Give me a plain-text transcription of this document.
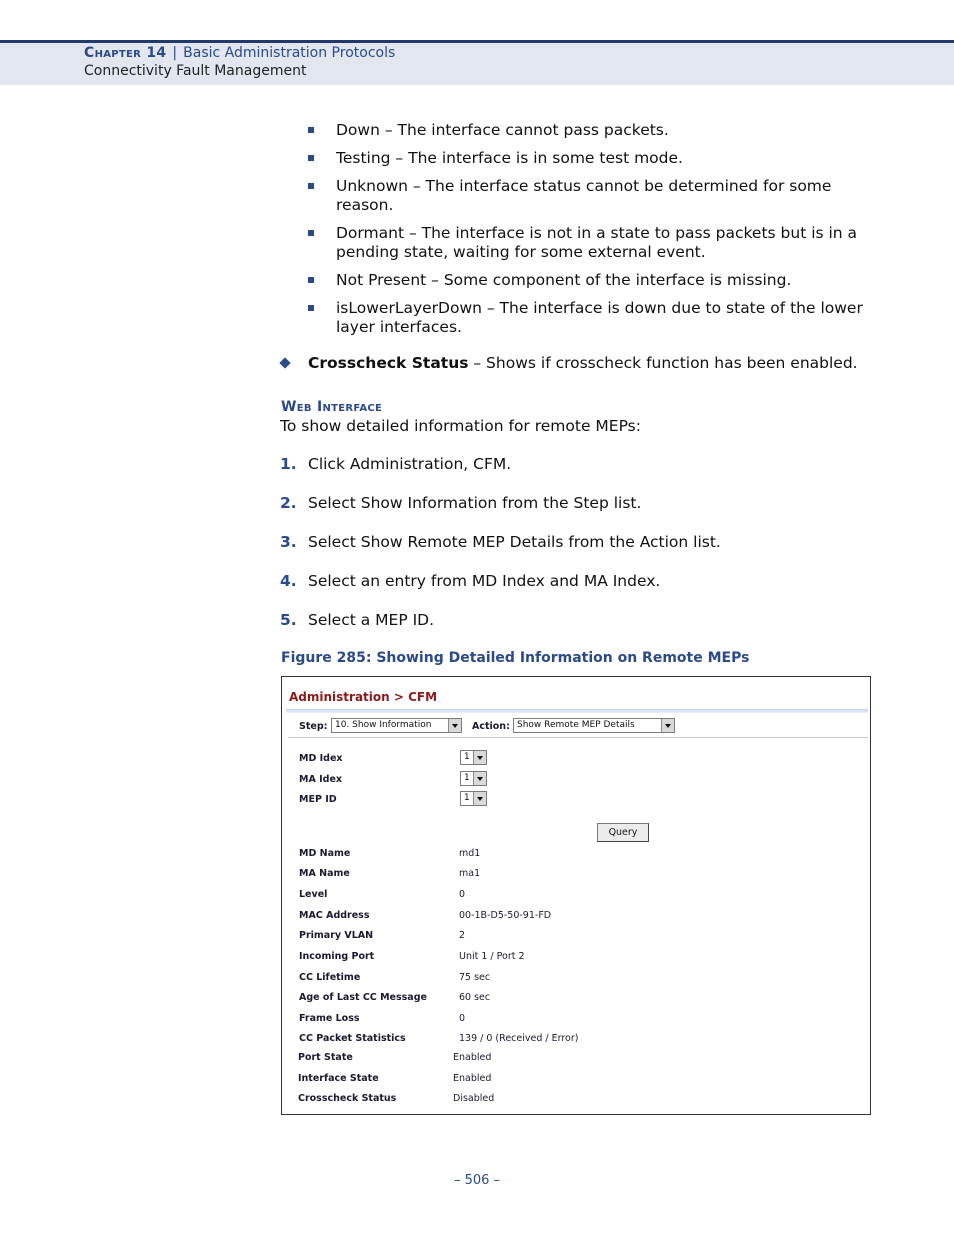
Chapter 14 | Basic Administration Protocols
Connectivity Fault Management
Down – The interface cannot pass packets.
Testing – The interface is in some test mode.
Unknown – The interface status cannot be determined for some reason.
Dormant – The interface is not in a state to pass packets but is in a pending state, waiting for some external event.
Not Present – Some component of the interface is missing.
isLowerLayerDown – The interface is down due to state of the lower layer interfaces.
Crosscheck Status – Shows if crosscheck function has been enabled.
Web Interface
To show detailed information for remote MEPs:
1. Click Administration, CFM.
2. Select Show Information from the Step list.
3. Select Show Remote MEP Details from the Action list.
4. Select an entry from MD Index and MA Index.
5. Select a MEP ID.
Figure 285: Showing Detailed Information on Remote MEPs
Administration > CFM
Step: 10. Show Information	Action: Show Remote MEP Details
MD Idex	1
MA Idex	1
MEP ID	1
Query
MD Name	md1
MA Name	ma1
Level	0
MAC Address	00-1B-D5-50-91-FD
Primary VLAN	2
Incoming Port	Unit 1 / Port 2
CC Lifetime	75 sec
Age of Last CC Message	60 sec
Frame Loss	0
CC Packet Statistics	139 / 0 (Received / Error)
Port State	Enabled
Interface State	Enabled
Crosscheck Status	Disabled
– 506 –
